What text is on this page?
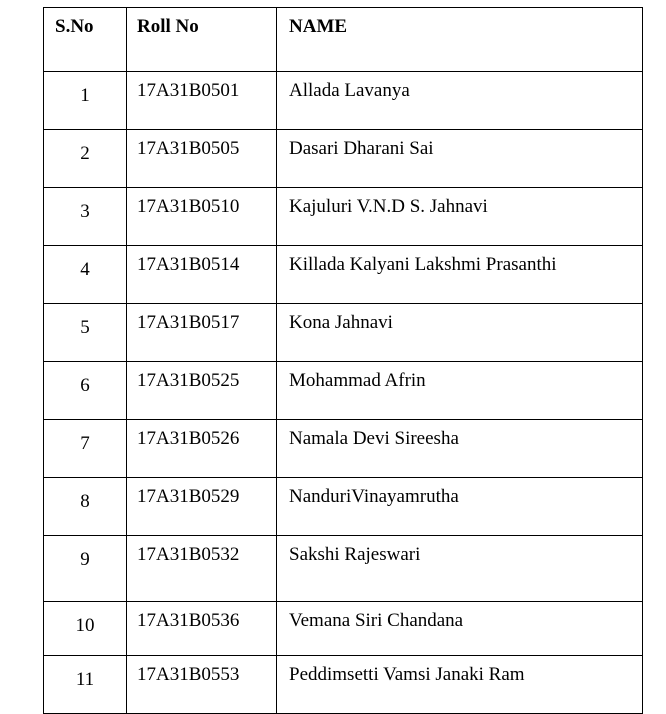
S.No	Roll No	NAME
1	17A31B0501	Allada Lavanya
2	17A31B0505	Dasari Dharani Sai
3	17A31B0510	Kajuluri V.N.D S. Jahnavi
4	17A31B0514	Killada Kalyani Lakshmi Prasanthi
5	17A31B0517	Kona Jahnavi
6	17A31B0525	Mohammad Afrin
7	17A31B0526	Namala Devi Sireesha
8	17A31B0529	NanduriVinayamrutha
9	17A31B0532	Sakshi Rajeswari
10	17A31B0536	Vemana Siri Chandana
11	17A31B0553	Peddimsetti Vamsi Janaki Ram
